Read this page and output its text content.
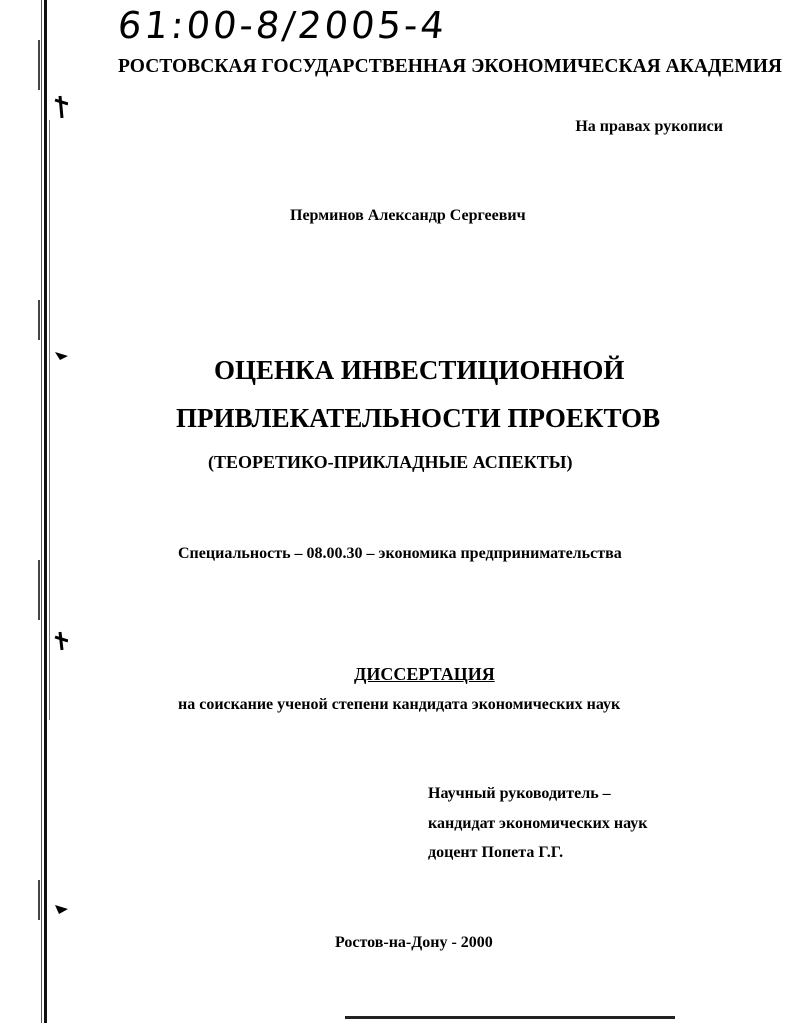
61:00-8/2005-4
РОСТОВСКАЯ ГОСУДАРСТВЕННАЯ ЭКОНОМИЧЕСКАЯ АКАДЕМИЯ
На правах рукописи
Перминов Александр Сергеевич
ОЦЕНКА ИНВЕСТИЦИОННОЙ
ПРИВЛЕКАТЕЛЬНОСТИ ПРОЕКТОВ
(ТЕОРЕТИКО-ПРИКЛАДНЫЕ АСПЕКТЫ)
Специальность – 08.00.30 – экономика предпринимательства
ДИССЕРТАЦИЯ
на соискание ученой степени кандидата экономических наук
Научный руководитель –
кандидат экономических наук
доцент Попета Г.Г.
Ростов-на-Дону - 2000
